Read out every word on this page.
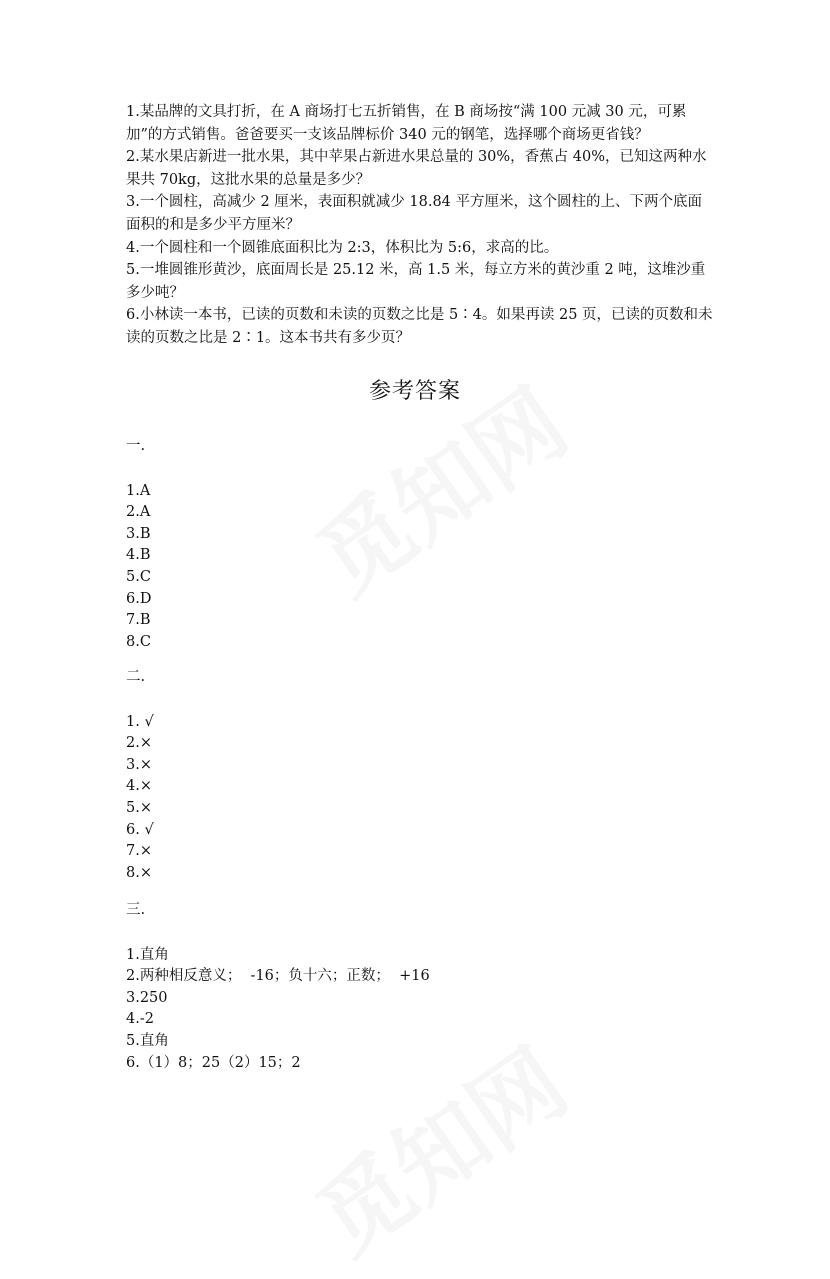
1.某品牌的文具打折，在 A 商场打七五折销售，在 B 商场按“满 100 元减 30 元，可累加”的方式销售。爸爸要买一支该品牌标价 340 元的钢笔，选择哪个商场更省钱？

2.某水果店新进一批水果，其中苹果占新进水果总量的 30%，香蕉占 40%，已知这两种水果共 70kg，这批水果的总量是多少？

3.一个圆柱，高减少 2 厘米，表面积就减少 18.84 平方厘米，这个圆柱的上、下两个底面面积的和是多少平方厘米？

4.一个圆柱和一个圆锥底面积比为 2:3，体积比为 5:6，求高的比。

5.一堆圆锥形黄沙，底面周长是 25.12 米，高 1.5 米，每立方米的黄沙重 2 吨，这堆沙重多少吨？

6.小林读一本书，已读的页数和未读的页数之比是 5∶4。如果再读 25 页，已读的页数和未读的页数之比是 2∶1。这本书共有多少页？

参考答案

一.

1.A

2.A

3.B

4.B

5.C

6.D

7.B

8.C

二.

1. √

2.×

3.×

4.×

5.×

6. √

7.×

8.×

三.

1.直角

2.两种相反意义；  -16；负十六；正数；  +16

3.250

4.-2

5.直角

6.（1）8；25（2）15；2
